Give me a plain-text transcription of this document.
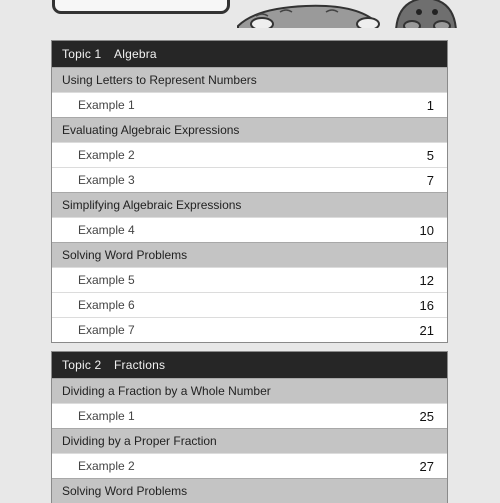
Topic 1	Algebra
Using Letters to Represent Numbers
Example 1	1
Evaluating Algebraic Expressions
Example 2	5
Example 3	7
Simplifying Algebraic Expressions
Example 4	10
Solving Word Problems
Example 5	12
Example 6	16
Example 7	21
Topic 2	Fractions
Dividing a Fraction by a Whole Number
Example 1	25
Dividing by a Proper Fraction
Example 2	27
Solving Word Problems
